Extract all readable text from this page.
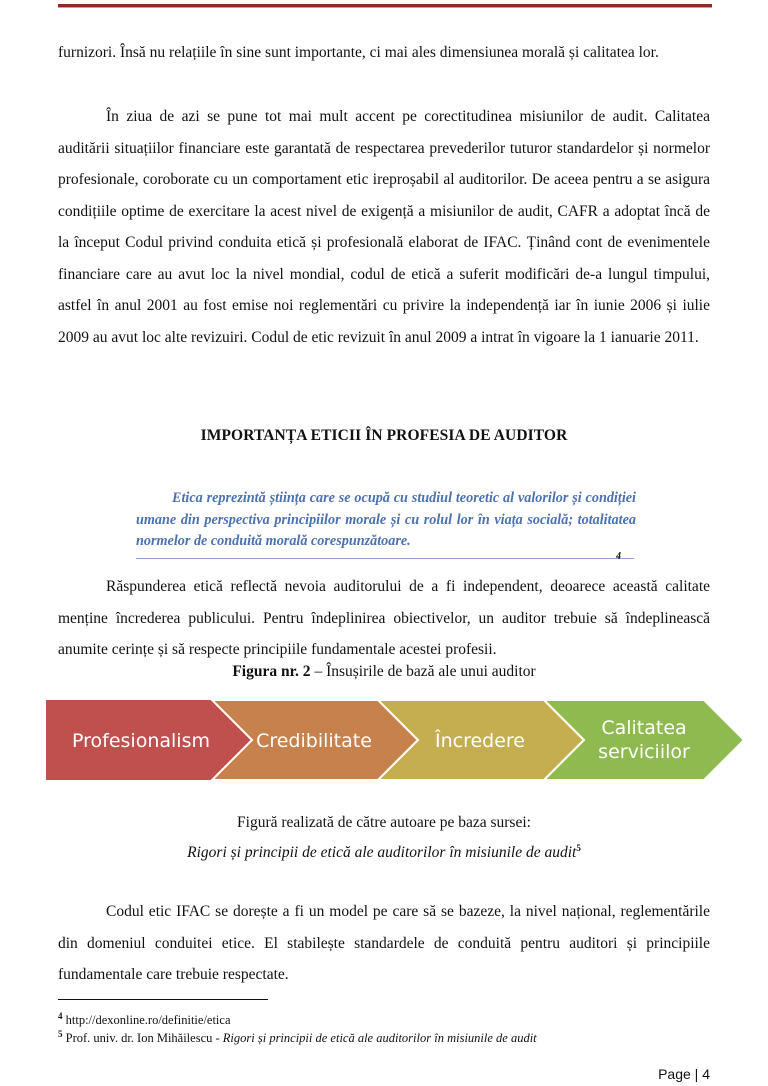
furnizori. Însă nu relațiile în sine sunt importante, ci mai ales dimensiunea morală și calitatea lor.

În ziua de azi se pune tot mai mult accent pe corectitudinea misiunilor de audit. Calitatea auditării situațiilor financiare este garantată de respectarea prevederilor tuturor standardelor și normelor profesionale, coroborate cu un comportament etic ireproșabil al auditorilor. De aceea pentru a se asigura condițiile optime de exercitare la acest nivel de exigență a misiunilor de audit, CAFR a adoptat încă de la început Codul privind conduita etică și profesională elaborat de IFAC. Ținând cont de evenimentele financiare care au avut loc la nivel mondial, codul de etică a suferit modificări de-a lungul timpului, astfel în anul 2001 au fost emise noi reglementări cu privire la independență iar în iunie 2006 și iulie 2009 au avut loc alte revizuiri. Codul de etic revizuit în anul 2009 a intrat în vigoare la 1 ianuarie 2011.

IMPORTANȚA ETICII ÎN PROFESIA DE AUDITOR

Etica reprezintă știința care se ocupă cu studiul teoretic al valorilor și condiției umane din perspectiva principiilor morale și cu rolul lor în viața socială; totalitatea normelor de conduită morală corespunzătoare.

4

Răspunderea etică reflectă nevoia auditorului de a fi independent, deoarece această calitate menține încrederea publicului. Pentru îndeplinirea obiectivelor, un auditor trebuie să îndeplinească anumite cerințe și să respecte principiile fundamentale acestei profesii.

Figura nr. 2 – Însușirile de bază ale unui auditor
Profesionalism Credibilitate	Încredere
Calitatea
serviciilor
Figură realizată de către autoare pe baza sursei:
Rigori și principii de etică ale auditorilor în misiunile de audit$^5$

Codul etic IFAC se dorește a fi un model pe care să se bazeze, la nivel național, reglementările din domeniul conduitei etice. El stabilește standardele de conduită pentru auditori și principiile fundamentale care trebuie respectate.

$^4$ http://dexonline.ro/definitie/etica
$^5$ Prof. univ. dr. Ion Mihăilescu - Rigori și principii de etică ale auditorilor în misiunile de audit
Page | 4
